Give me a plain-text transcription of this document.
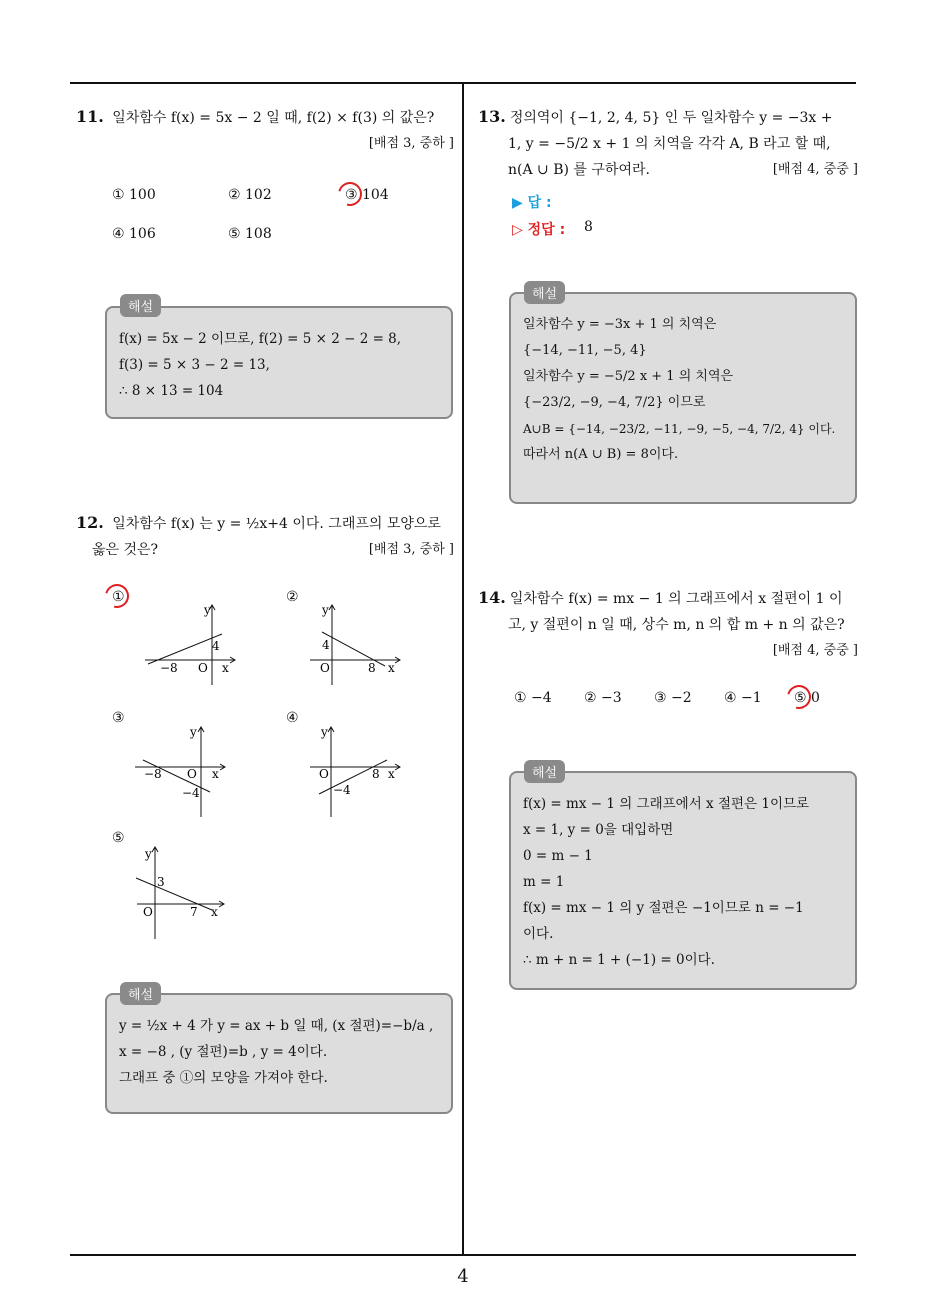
4
11. 일차함수 f(x) = 5x − 2 일 때, f(2) × f(3) 의 값은?
[배점 3, 중하 ]
① 100	② 102	③ 104
④ 106	⑤ 108
f(x) = 5x − 2 이므로, f(2) = 5 × 2 − 2 = 8,
f(3) = 5 × 3 − 2 = 13,
∴ 8 × 13 = 104
해설
12. 일차함수 f(x) 는 y = ½x+4 이다. 그래프의 모양으로
옳은 것은?	[배점 3, 중하 ]
①	②
③	④
⑤
y
−8 O x
4
y
4
O	8 x
y
−8 O x
−4
y
O	8 x
−4
y
3
O	7 x
y = ½x + 4 가 y = ax + b 일 때, (x 절편)=−b/a ,
x = −8 , (y 절편)=b , y = 4이다.
그래프 중 ①의 모양을 가져야 한다.
해설
13. 정의역이 {−1, 2, 4, 5} 인 두 일차함수 y = −3x +
1, y = −5/2 x + 1 의 치역을 각각 A, B 라고 할 때,
n(A ∪ B) 를 구하여라.	[배점 4, 중중 ]
▶ 답 :
▷ 정답 : 8
일차함수 y = −3x + 1 의 치역은
{−14, −11, −5, 4}
일차함수 y = −5/2 x + 1 의 치역은
{−23/2, −9, −4, 7/2} 이므로
A∪B = {−14, −23/2, −11, −9, −5, −4, 7/2, 4} 이다.
따라서 n(A ∪ B) = 8이다.
해설
14. 일차함수 f(x) = mx − 1 의 그래프에서 x 절편이 1 이
고, y 절편이 n 일 때, 상수 m, n 의 합 m + n 의 값은?
[배점 4, 중중 ]
① −4 ② −3 ③ −2 ④ −1 ⑤ 0
f(x) = mx − 1 의 그래프에서 x 절편은 1이므로
x = 1, y = 0을 대입하면
0 = m − 1
m = 1
f(x) = mx − 1 의 y 절편은 −1이므로 n = −1
이다.
∴ m + n = 1 + (−1) = 0이다.
해설
